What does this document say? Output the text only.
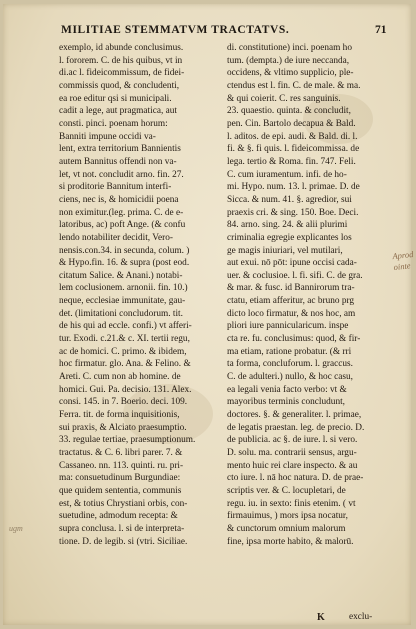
MILITIAE STEMMATVM TRACTATVS.	71
exemplo, id abunde conclusimus.
l. fororem. C. de his quibus, vt in
di.ac l. fideicommissum, de fidei-
commissis quod, & concludenti,
ea roe editur qsi si municipali.
cadit a lege, aut pragmatica, aut
consti. pinci. poenam horum:
Banniti impune occidi va-
lent, extra territorium Bannientis
autem Bannitus offendi non va-
let, vt not. concludit arno. fin. 27.
si proditorie Bannitum interfi-
ciens, nec is, & homicidii poena
non eximitur.(leg. prima. C. de e-
latoribus, ac) poft Ange. (& confu
lendo notabiliter decidit, Vero-
nensis.con.34. in secunda, colum. )
& Hypo.fin. 16. & supra (post eod.
citatum Salice. & Anani.) notabi-
lem coclusionem. arnonii. fin. 10.)
neque, ecclesiae immunitate, gau-
det. (limitationi concludorum. tit.
de his qui ad eccle. confi.) vt afferi-
tur. Exodi. c.21.& c. XI. tertii regu,
ac de homici. C. primo. & ibidem,
hoc firmatur. glo. Ana. & Felino. &
Areti. C. cum non ab homine. de
homici. Gui. Pa. decisio. 131. Alex.
consi. 145. in 7. Boerio. deci. 109.
Ferra. tit. de forma inquisitionis,
sui praxis, & Alciato praesumptio.
33. regulae tertiae, praesumptionum.
tractatus. & C. 6. libri parer. 7. &
Cassaneo. nn. 113. quinti. ru. pri-
ma: consuetudinum Burgundiae:
que quidem sententia, communis
est, & totius Chrystiani orbis, con-
suetudine, admodum recepta: &
supra conclusa. l. si de interpreta-
tione. D. de legib. si (vtri. Siciliae.
di. constitutione) inci. poenam ho
tum. (dempta.) de iure neccanda,
occidens, & vltimo supplicio, ple-
ctendus est l. fin. C. de male. & ma.
& qui coierit. C. res sanguinis.
23. quaestio. quinta. & concludit,
pen. Cin. Bartolo decapua & Bald.
l. aditos. de epi. audi. & Bald. di. l.
fi. & §. fi quis. l. fideicommissa. de
lega. tertio & Roma. fin. 747. Feli.
C. cum iuramentum. infi. de ho-
mi. Hypo. num. 13. l. primae. D. de
Sicca. & num. 41. §. agredior, sui
praexis cri. & sing. 150. Boe. Deci.
84. arno. sing. 24. & alii plurimi
criminalia egregie explicantes los
ge magis iniuriari, vel mutilari,
aut exui. nō pōt: ipune occisi cada-
uer. & coclusioe. l. fi. sifi. C. de gra.
& mar. & fusc. id Bannirorum tra-
ctatu, etiam afferitur, ac bruno prg
dicto loco firmatur, & nos hoc, am
pliori iure pannicularicum. inspe
cta re. fu. conclusimus: quod, & fir-
ma etiam, ratione probatur. (& rri
ta forma, concluforum. l. graccus.
C. de adulteri.) nullo, & hoc casu,
ea legali venia facto verbo: vt &
mayoribus terminis concludunt,
doctores. §. & generaliter. l. primae,
de legatis praestan. leg. de precio. D.
de publicia. ac §. de iure. l. si vero.
D. solu. ma. contrarii sensus, argu-
mento huic rei clare inspecto. & au
cto iure. l. nā hoc natura. D. de prae-
scriptis ver. & C. locupletari, de
regu. iu. in sexto: finis etenim. ( vt
firmauimus, ) mors ipsa nocatur,
& cunctorum omnium malorum
fine, ipsa morte habito, & malorū.
Aprod
ointe
ugm
K	exclu-
